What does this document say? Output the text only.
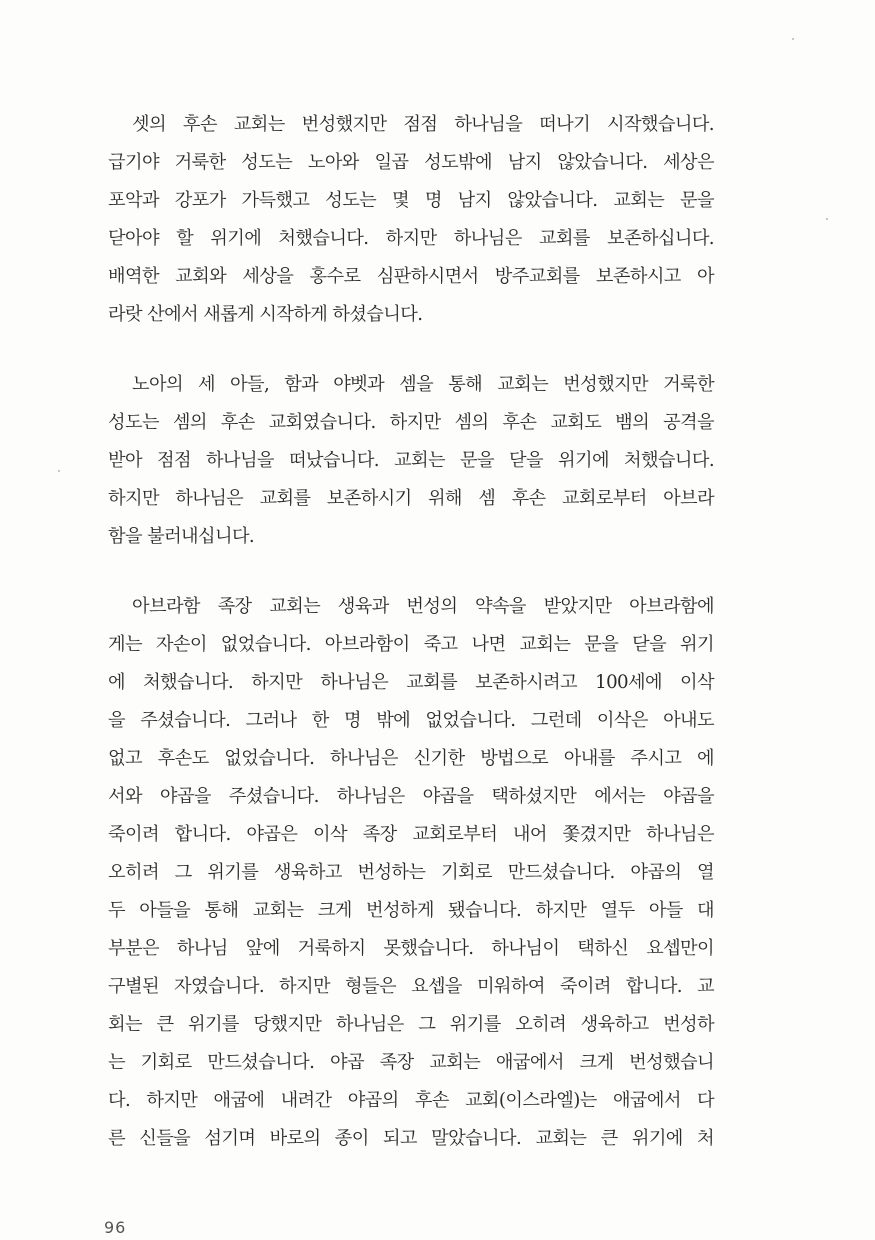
셋의 후손 교회는 번성했지만 점점 하나님을 떠나기 시작했습니다.
급기야 거룩한 성도는 노아와 일곱 성도밖에 남지 않았습니다. 세상은
포악과 강포가 가득했고 성도는 몇 명 남지 않았습니다. 교회는 문을
닫아야 할 위기에 처했습니다. 하지만 하나님은 교회를 보존하십니다.
배역한 교회와 세상을 홍수로 심판하시면서 방주교회를 보존하시고 아
라랏 산에서 새롭게 시작하게 하셨습니다.
노아의 세 아들, 함과 야벳과 셈을 통해 교회는 번성했지만 거룩한
성도는 셈의 후손 교회였습니다. 하지만 셈의 후손 교회도 뱀의 공격을
받아 점점 하나님을 떠났습니다. 교회는 문을 닫을 위기에 처했습니다.
하지만 하나님은 교회를 보존하시기 위해 셈 후손 교회로부터 아브라
함을 불러내십니다.
아브라함 족장 교회는 생육과 번성의 약속을 받았지만 아브라함에
게는 자손이 없었습니다. 아브라함이 죽고 나면 교회는 문을 닫을 위기
에 처했습니다. 하지만 하나님은 교회를 보존하시려고 100세에 이삭
을 주셨습니다. 그러나 한 명 밖에 없었습니다. 그런데 이삭은 아내도
없고 후손도 없었습니다. 하나님은 신기한 방법으로 아내를 주시고 에
서와 야곱을 주셨습니다. 하나님은 야곱을 택하셨지만 에서는 야곱을
죽이려 합니다. 야곱은 이삭 족장 교회로부터 내어 쫓겼지만 하나님은
오히려 그 위기를 생육하고 번성하는 기회로 만드셨습니다. 야곱의 열
두 아들을 통해 교회는 크게 번성하게 됐습니다. 하지만 열두 아들 대
부분은 하나님 앞에 거룩하지 못했습니다. 하나님이 택하신 요셉만이
구별된 자였습니다. 하지만 형들은 요셉을 미워하여 죽이려 합니다. 교
회는 큰 위기를 당했지만 하나님은 그 위기를 오히려 생육하고 번성하
는 기회로 만드셨습니다. 야곱 족장 교회는 애굽에서 크게 번성했습니
다. 하지만 애굽에 내려간 야곱의 후손 교회(이스라엘)는 애굽에서 다
른 신들을 섬기며 바로의 종이 되고 말았습니다. 교회는 큰 위기에 처
96
